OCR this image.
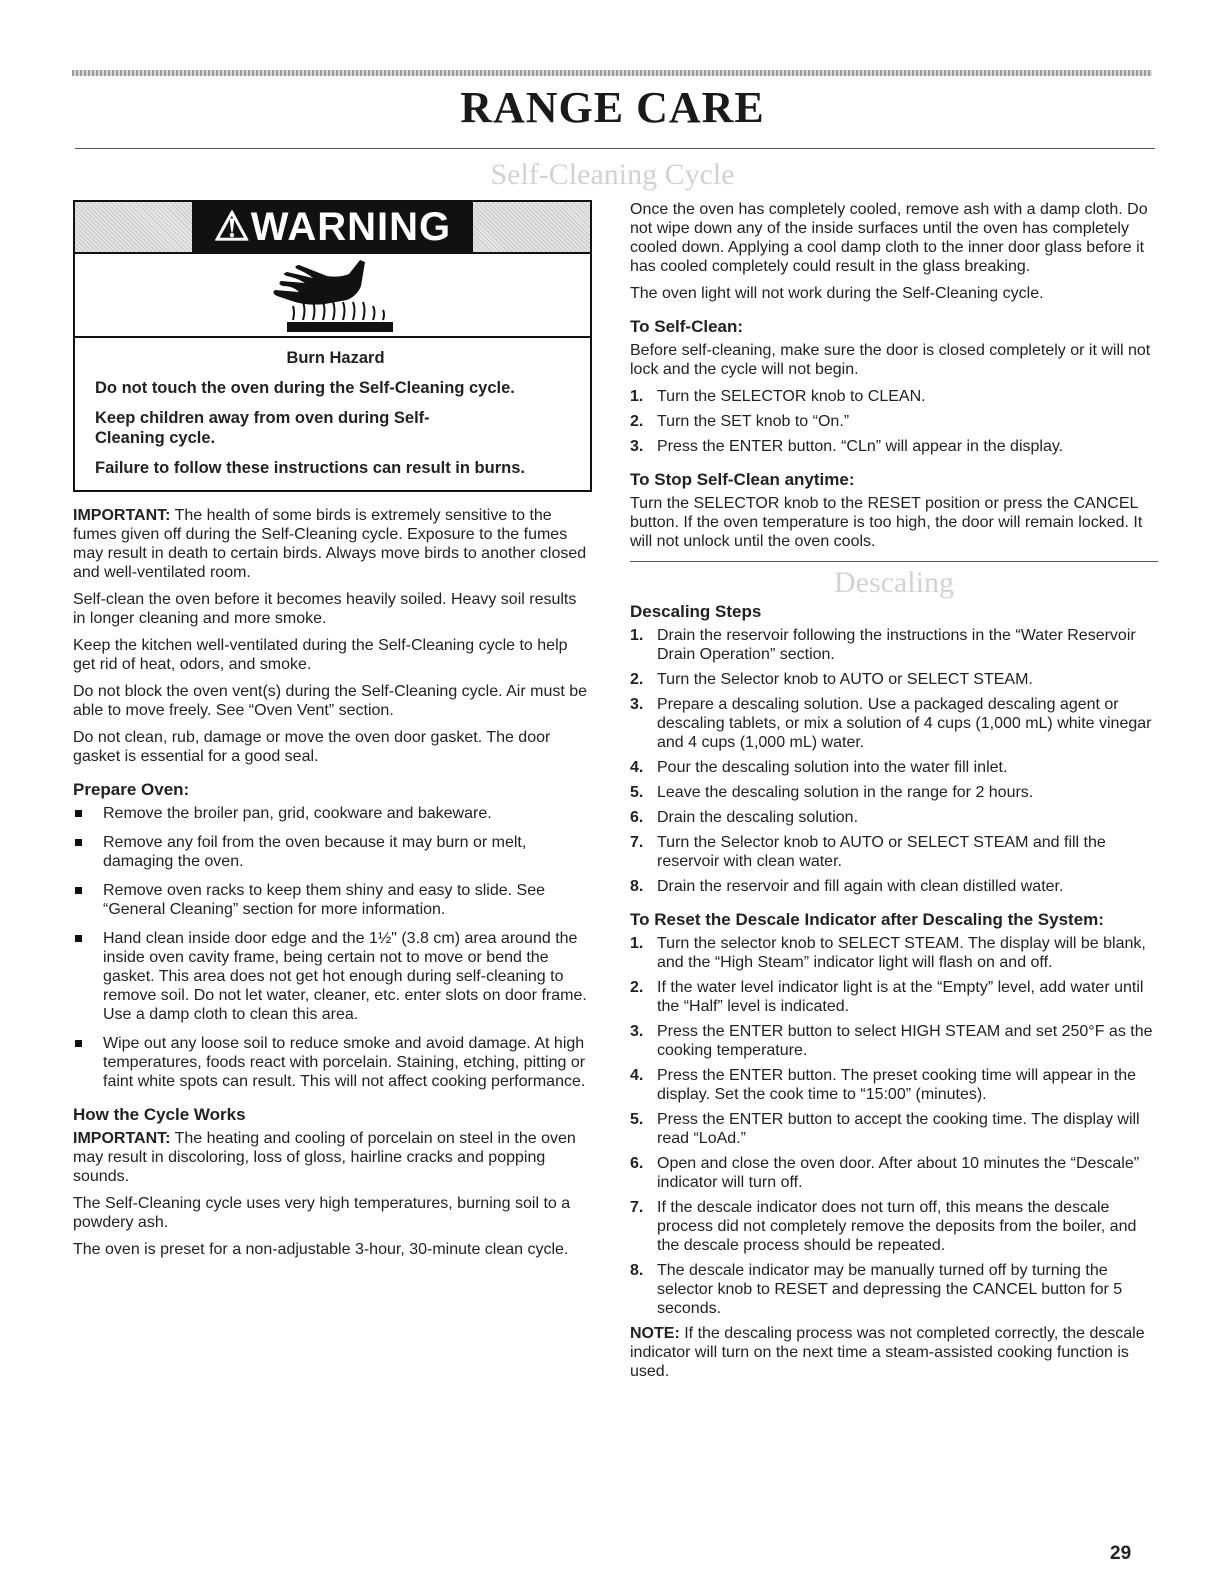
RANGE CARE
Self-Cleaning Cycle
⚠WARNING

Burn Hazard

Do not touch the oven during the Self-Cleaning cycle.

Keep children away from oven during Self-Cleaning cycle.

Failure to follow these instructions can result in burns.

IMPORTANT: The health of some birds is extremely sensitive to the fumes given off during the Self-Cleaning cycle. Exposure to the fumes may result in death to certain birds. Always move birds to another closed and well-ventilated room.

Self-clean the oven before it becomes heavily soiled. Heavy soil results in longer cleaning and more smoke.

Keep the kitchen well-ventilated during the Self-Cleaning cycle to help get rid of heat, odors, and smoke.

Do not block the oven vent(s) during the Self-Cleaning cycle. Air must be able to move freely. See “Oven Vent” section.

Do not clean, rub, damage or move the oven door gasket. The door gasket is essential for a good seal.

Prepare Oven:
Remove the broiler pan, grid, cookware and bakeware.
Remove any foil from the oven because it may burn or melt, damaging the oven.
Remove oven racks to keep them shiny and easy to slide. See “General Cleaning” section for more information.
Hand clean inside door edge and the 1½" (3.8 cm) area around the inside oven cavity frame, being certain not to move or bend the gasket. This area does not get hot enough during self-cleaning to remove soil. Do not let water, cleaner, etc. enter slots on door frame. Use a damp cloth to clean this area.
Wipe out any loose soil to reduce smoke and avoid damage. At high temperatures, foods react with porcelain. Staining, etching, pitting or faint white spots can result. This will not affect cooking performance.
How the Cycle Works

IMPORTANT: The heating and cooling of porcelain on steel in the oven may result in discoloring, loss of gloss, hairline cracks and popping sounds.

The Self-Cleaning cycle uses very high temperatures, burning soil to a powdery ash.

The oven is preset for a non-adjustable 3-hour, 30-minute clean cycle.

Once the oven has completely cooled, remove ash with a damp cloth. Do not wipe down any of the inside surfaces until the oven has completely cooled down. Applying a cool damp cloth to the inner door glass before it has cooled completely could result in the glass breaking.

The oven light will not work during the Self-Cleaning cycle.

To Self-Clean:

Before self-cleaning, make sure the door is closed completely or it will not lock and the cycle will not begin.

1. Turn the SELECTOR knob to CLEAN.
2. Turn the SET knob to “On.”
3. Press the ENTER button. “CLn” will appear in the display.
To Stop Self-Clean anytime:

Turn the SELECTOR knob to the RESET position or press the CANCEL button. If the oven temperature is too high, the door will remain locked. It will not unlock until the oven cools.

Descaling
Descaling Steps
1. Drain the reservoir following the instructions in the “Water Reservoir Drain Operation” section.
2. Turn the Selector knob to AUTO or SELECT STEAM.
3. Prepare a descaling solution. Use a packaged descaling agent or descaling tablets, or mix a solution of 4 cups (1,000 mL) white vinegar and 4 cups (1,000 mL) water.
4. Pour the descaling solution into the water fill inlet.
5. Leave the descaling solution in the range for 2 hours.
6. Drain the descaling solution.
7. Turn the Selector knob to AUTO or SELECT STEAM and fill the reservoir with clean water.
8. Drain the reservoir and fill again with clean distilled water.
To Reset the Descale Indicator after Descaling the System:
1. Turn the selector knob to SELECT STEAM. The display will be blank, and the “High Steam” indicator light will flash on and off.
2. If the water level indicator light is at the “Empty” level, add water until the “Half” level is indicated.
3. Press the ENTER button to select HIGH STEAM and set 250°F as the cooking temperature.
4. Press the ENTER button. The preset cooking time will appear in the display. Set the cook time to “15:00” (minutes).
5. Press the ENTER button to accept the cooking time. The display will read “LoAd.”
6. Open and close the oven door. After about 10 minutes the “Descale” indicator will turn off.
7. If the descale indicator does not turn off, this means the descale process did not completely remove the deposits from the boiler, and the descale process should be repeated.
8. The descale indicator may be manually turned off by turning the selector knob to RESET and depressing the CANCEL button for 5 seconds.

NOTE: If the descaling process was not completed correctly, the descale indicator will turn on the next time a steam-assisted cooking function is used.

29
